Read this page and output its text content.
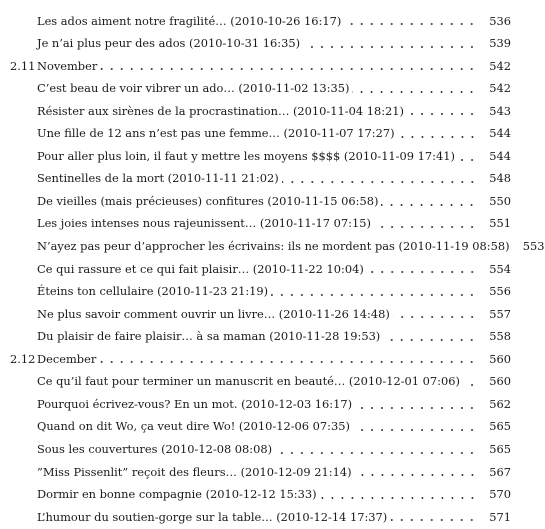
Les ados aiment notre fragilité… (2010-10-26 16:17)	536
Je n’ai plus peur des ados (2010-10-31 16:35)	539
2.11 November	542
C’est beau de voir vibrer un ado… (2010-11-02 13:35)	542
Résister aux sirènes de la procrastination… (2010-11-04 18:21)	543
Une fille de 12 ans n’est pas une femme… (2010-11-07 17:27)	544
Pour aller plus loin, il faut y mettre les moyens $$$$ (2010-11-09 17:41)	544
Sentinelles de la mort (2010-11-11 21:02)	548
De vieilles (mais précieuses) confitures (2010-11-15 06:58)	550
Les joies intenses nous rajeunissent… (2010-11-17 07:15)	551
N’ayez pas peur d’approcher les écrivains: ils ne mordent pas (2010-11-19 08:58)	553
Ce qui rassure et ce qui fait plaisir… (2010-11-22 10:04)	554
Éteins ton cellulaire (2010-11-23 21:19)	556
Ne plus savoir comment ouvrir un livre… (2010-11-26 14:48)	557
Du plaisir de faire plaisir… à sa maman (2010-11-28 19:53)	558
2.12 December	560
Ce qu’il faut pour terminer un manuscrit en beauté… (2010-12-01 07:06)	560
Pourquoi écrivez-vous? En un mot. (2010-12-03 16:17)	562
Quand on dit Wo, ça veut dire Wo! (2010-12-06 07:35)	565
Sous les couvertures (2010-12-08 08:08)	565
”Miss Pissenlit” reçoit des fleurs… (2010-12-09 21:14)	567
Dormir en bonne compagnie (2010-12-12 15:33)	570
L’humour du soutien-gorge sur la table… (2010-12-14 17:37)	571
